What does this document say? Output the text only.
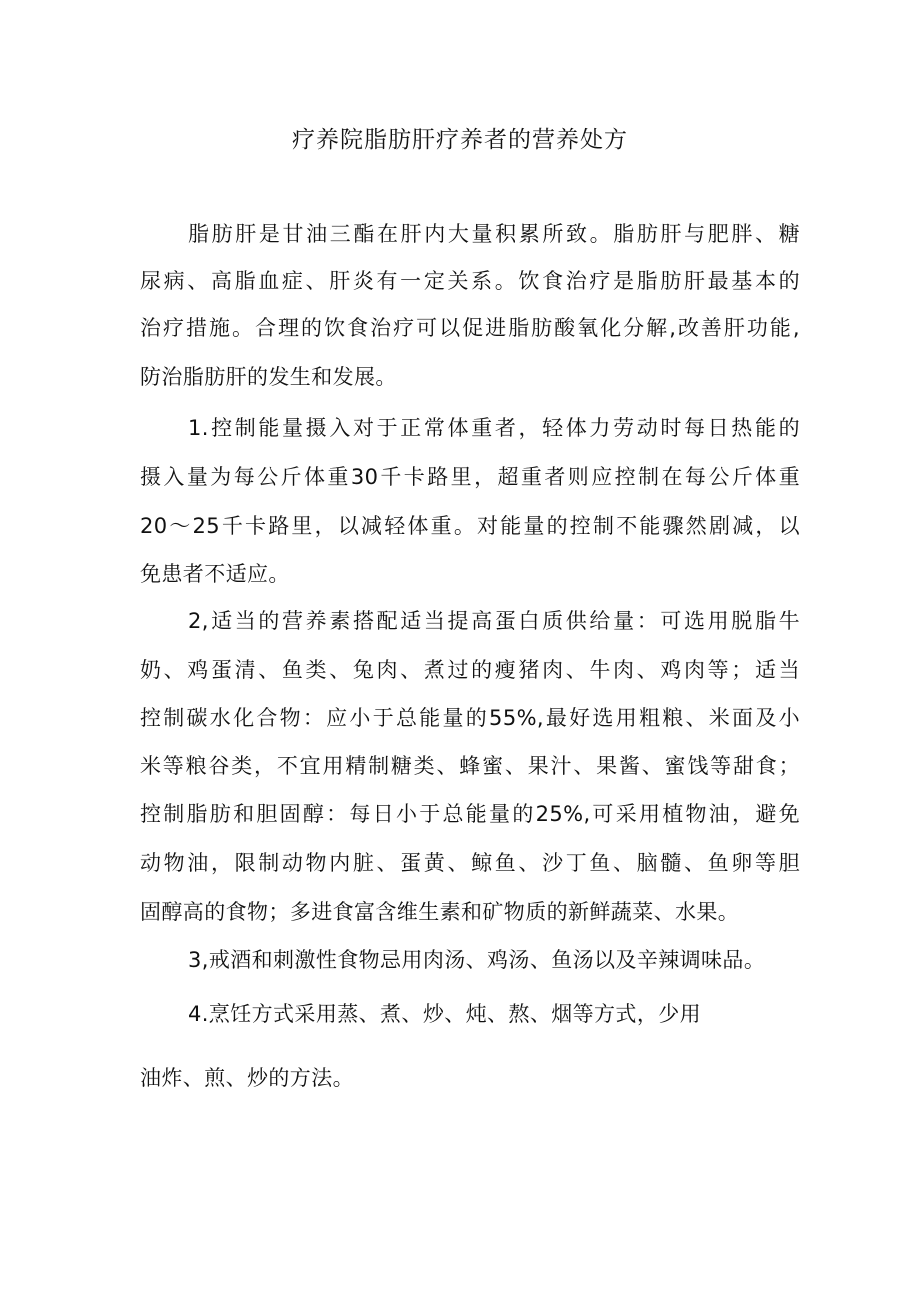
疗养院脂肪肝疗养者的营养处方
脂肪肝是甘油三酯在肝内大量积累所致。脂肪肝与肥胖、糖
尿病、高脂血症、肝炎有一定关系。饮食治疗是脂肪肝最基本的
治疗措施。合理的饮食治疗可以促进脂肪酸氧化分解,改善肝功能,
防治脂肪肝的发生和发展。
1.控制能量摄入对于正常体重者，轻体力劳动时每日热能的
摄入量为每公斤体重30千卡路里，超重者则应控制在每公斤体重
20〜25千卡路里，以减轻体重。对能量的控制不能骤然剧减，以
免患者不适应。
2,适当的营养素搭配适当提高蛋白质供给量：可选用脱脂牛
奶、鸡蛋清、鱼类、兔肉、煮过的瘦猪肉、牛肉、鸡肉等；适当
控制碳水化合物：应小于总能量的55%,最好选用粗粮、米面及小
米等粮谷类，不宜用精制糖类、蜂蜜、果汁、果酱、蜜饯等甜食；
控制脂肪和胆固醇：每日小于总能量的25%,可采用植物油，避免
动物油，限制动物内脏、蛋黄、鲸鱼、沙丁鱼、脑髓、鱼卵等胆
固醇高的食物；多进食富含维生素和矿物质的新鲜蔬菜、水果。
3,戒酒和刺激性食物忌用肉汤、鸡汤、鱼汤以及辛辣调味品。
4.烹饪方式采用蒸、煮、炒、炖、熬、烟等方式，少用
油炸、煎、炒的方法。
